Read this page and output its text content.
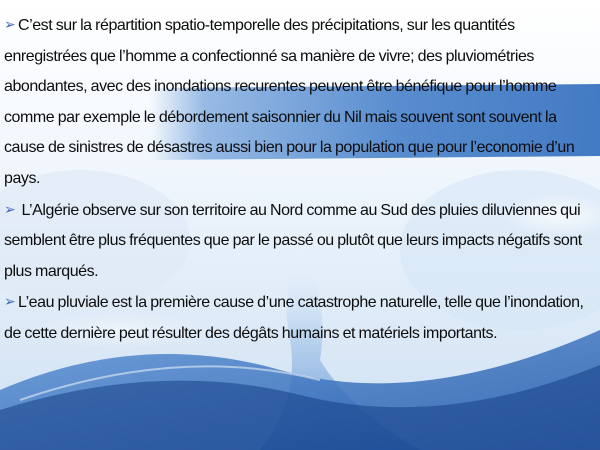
➢ C’est sur la répartition spatio-temporelle des précipitations, sur les quantités enregistrées que l’homme a confectionné sa manière de vivre; des pluviométries abondantes, avec des inondations recurentes peuvent être bénéfique pour l’homme comme par exemple le débordement saisonnier du Nil mais souvent sont souvent la cause de sinistres de désastres aussi bien pour la population que pour l’economie d’un pays.

➢ L’Algérie observe sur son territoire au Nord comme au Sud des pluies diluviennes qui semblent être plus fréquentes que par le passé ou plutôt que leurs impacts négatifs sont plus marqués.

➢ L’eau pluviale est la première cause d’une catastrophe naturelle, telle que l’inondation, de cette dernière peut résulter des dégâts humains et matériels importants.
